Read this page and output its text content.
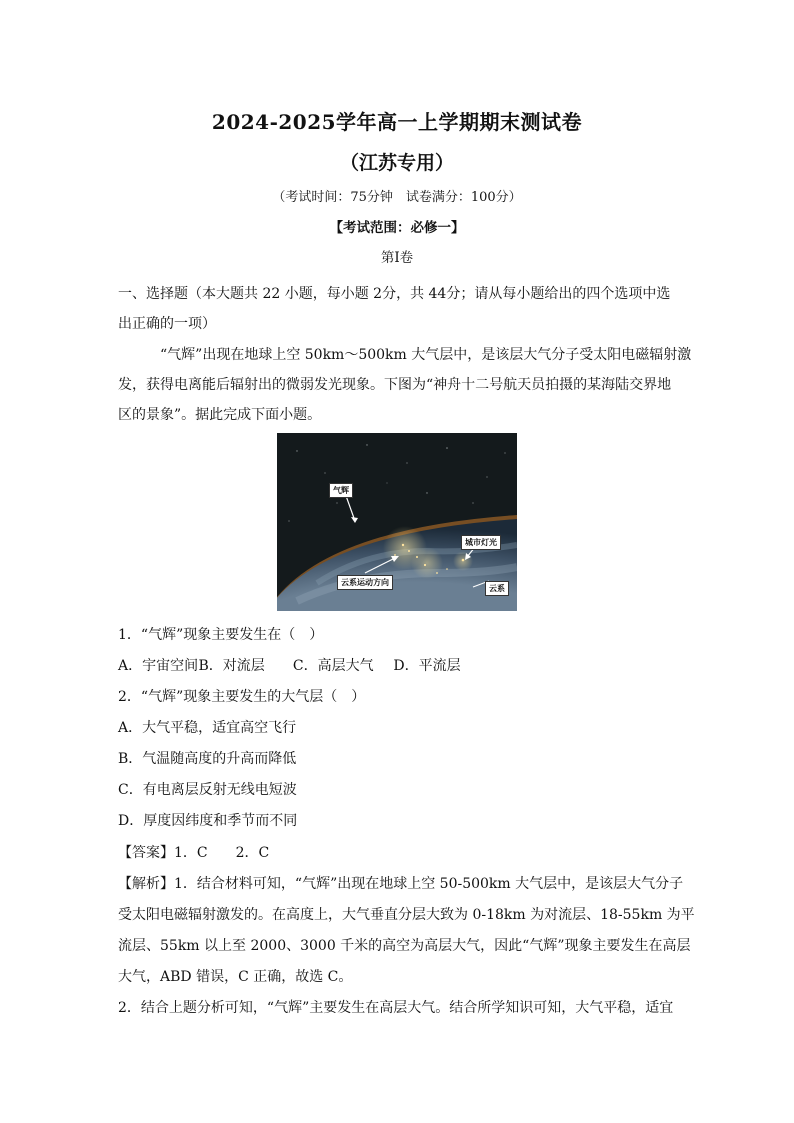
2024-2025学年高一上学期期末测试卷
（江苏专用）
（考试时间：75分钟　试卷满分：100分）
【考试范围：必修一】
第Ⅰ卷
一、选择题（本大题共 22 小题，每小题 2分，共 44分；请从每小题给出的四个选项中选
出正确的一项）
“气辉”出现在地球上空 50km～500km 大气层中，是该层大气分子受太阳电磁辐射激
发，获得电离能后辐射出的微弱发光现象。下图为“神舟十二号航天员拍摄的某海陆交界地
区的景象”。据此完成下面小题。
气辉
城市灯光
云系运动方向
云系
1．“气辉”现象主要发生在（　）
A．宇宙空间 B．对流层 C．高层大气 D．平流层
2．“气辉”现象主要发生的大气层（　）
A．大气平稳，适宜高空飞行
B．气温随高度的升高而降低
C．有电离层反射无线电短波
D．厚度因纬度和季节而不同
【答案】1．C　　2．C
【解析】1．结合材料可知，“气辉”出现在地球上空 50-500km 大气层中，是该层大气分子
受太阳电磁辐射激发的。在高度上，大气垂直分层大致为 0-18km 为对流层、18-55km 为平
流层、55km 以上至 2000、3000 千米的高空为高层大气，因此“气辉”现象主要发生在高层
大气，ABD 错误，C 正确，故选 C。
2．结合上题分析可知，“气辉”主要发生在高层大气。结合所学知识可知，大气平稳，适宜
